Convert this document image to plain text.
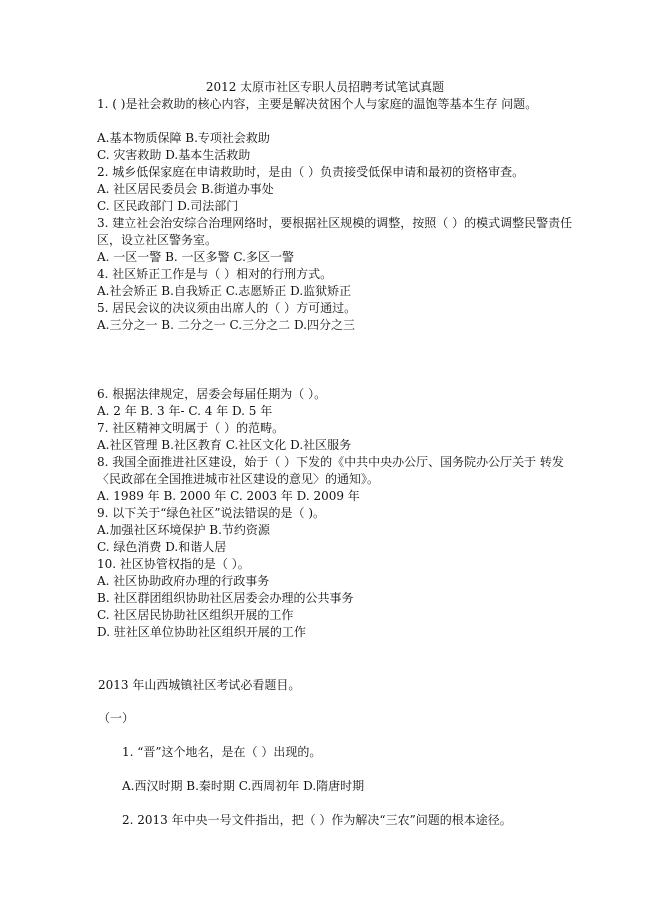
2012 太原市社区专职人员招聘考试笔试真题
1. ( )是社会救助的核心内容，主要是解决贫困个人与家庭的温饱等基本生存 问题。
A.基本物质保障 B.专项社会救助
C. 灾害救助 D.基本生活救助
2. 城乡低保家庭在申请救助时，是由（ ）负责接受低保申请和最初的资格审查。
A. 社区居民委员会 B.街道办事处
C. 区民政部门 D.司法部门
3. 建立社会治安综合治理网络时，要根据社区规模的调整，按照（ ）的模式调整民警责任
区，设立社区警务室。
A. 一区一警 B. 一区多警 C.多区一警
4. 社区矫正工作是与（ ）相对的行刑方式。
A.社会矫正 B.自我矫正 C.志愿矫正 D.监狱矫正
5. 居民会议的决议须由出席人的（ ）方可通过。
A.三分之一 B. 二分之一 C.三分之二 D.四分之三
6. 根据法律规定，居委会每届任期为（ ）。
A. 2 年 B. 3 年- C. 4 年 D. 5 年
7. 社区精神文明属于（ ）的范畴。
A.社区管理 B.社区教育 C.社区文化 D.社区服务
8. 我国全面推进社区建设，始于（ ）下发的《中共中央办公厅、国务院办公厅关于 转发
〈民政部在全国推进城市社区建设的意见〉的通知》。
A. 1989 年 B. 2000 年 C. 2003 年 D. 2009 年
9. 以下关于“绿色社区”说法错误的是（ )。
A.加强社区环境保护 B.节约资源
C. 绿色消费 D.和谐人居
10. 社区协管权指的是（ ）。
A. 社区协助政府办理的行政事务
B. 社区群团组织协助社区居委会办理的公共事务
C. 社区居民协助社区组织开展的工作
D. 驻社区单位协助社区组织开展的工作
2013 年山西城镇社区考试必看题目。
（一）
1. “晋”这个地名，是在（ ）出现的。
A.西汉时期 B.秦时期 C.西周初年 D.隋唐时期
2. 2013 年中央一号文件指出，把（ ）作为解决“三农”问题的根本途径。
